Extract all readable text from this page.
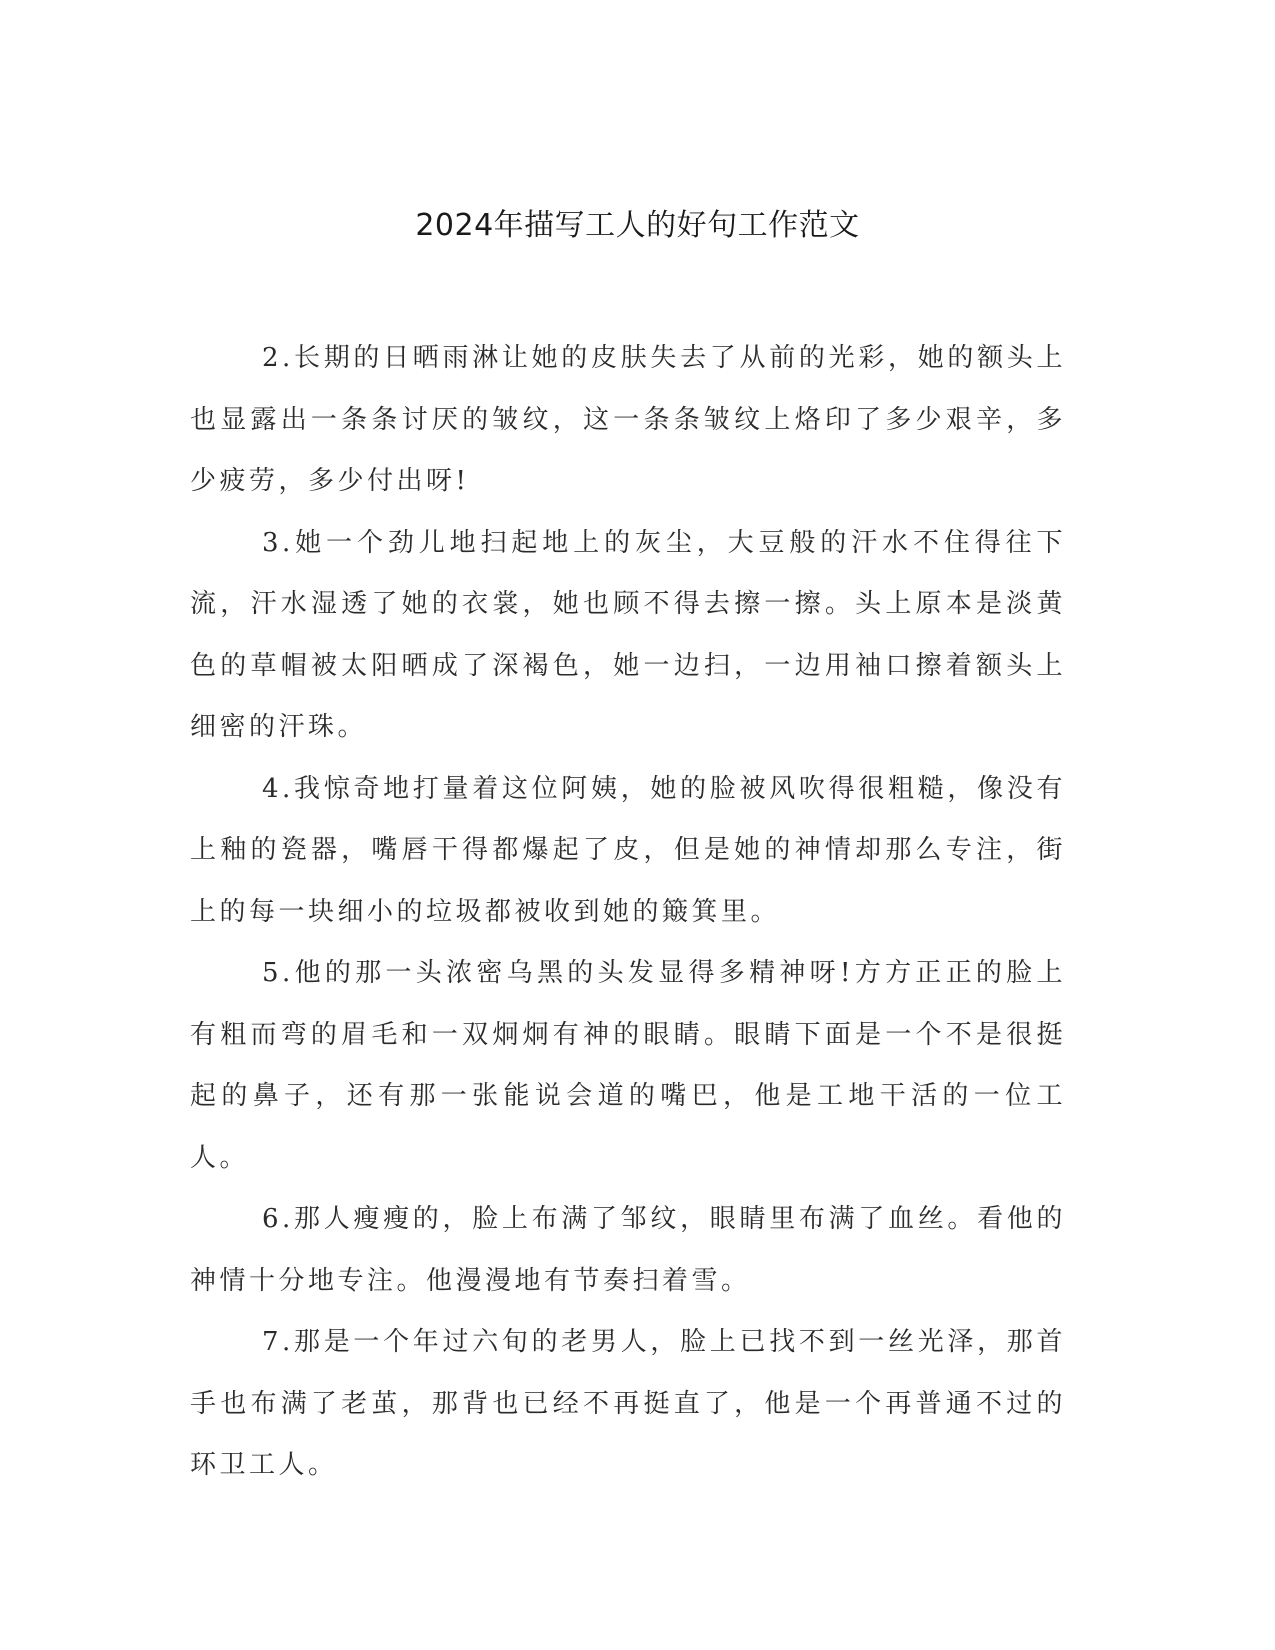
2024年描写工人的好句工作范文

2.长期的日晒雨淋让她的皮肤失去了从前的光彩，她的额头上也显露出一条条讨厌的皱纹，这一条条皱纹上烙印了多少艰辛，多少疲劳，多少付出呀!

3.她一个劲儿地扫起地上的灰尘，大豆般的汗水不住得往下流，汗水湿透了她的衣裳，她也顾不得去擦一擦。头上原本是淡黄色的草帽被太阳晒成了深褐色，她一边扫，一边用袖口擦着额头上细密的汗珠。

4.我惊奇地打量着这位阿姨，她的脸被风吹得很粗糙，像没有上釉的瓷器，嘴唇干得都爆起了皮，但是她的神情却那么专注，街上的每一块细小的垃圾都被收到她的簸箕里。

5.他的那一头浓密乌黑的头发显得多精神呀!方方正正的脸上有粗而弯的眉毛和一双炯炯有神的眼睛。眼睛下面是一个不是很挺起的鼻子，还有那一张能说会道的嘴巴，他是工地干活的一位工人。

6.那人瘦瘦的，脸上布满了邹纹，眼睛里布满了血丝。看他的神情十分地专注。他漫漫地有节奏扫着雪。

7.那是一个年过六旬的老男人，脸上已找不到一丝光泽，那首手也布满了老茧，那背也已经不再挺直了，他是一个再普通不过的环卫工人。
